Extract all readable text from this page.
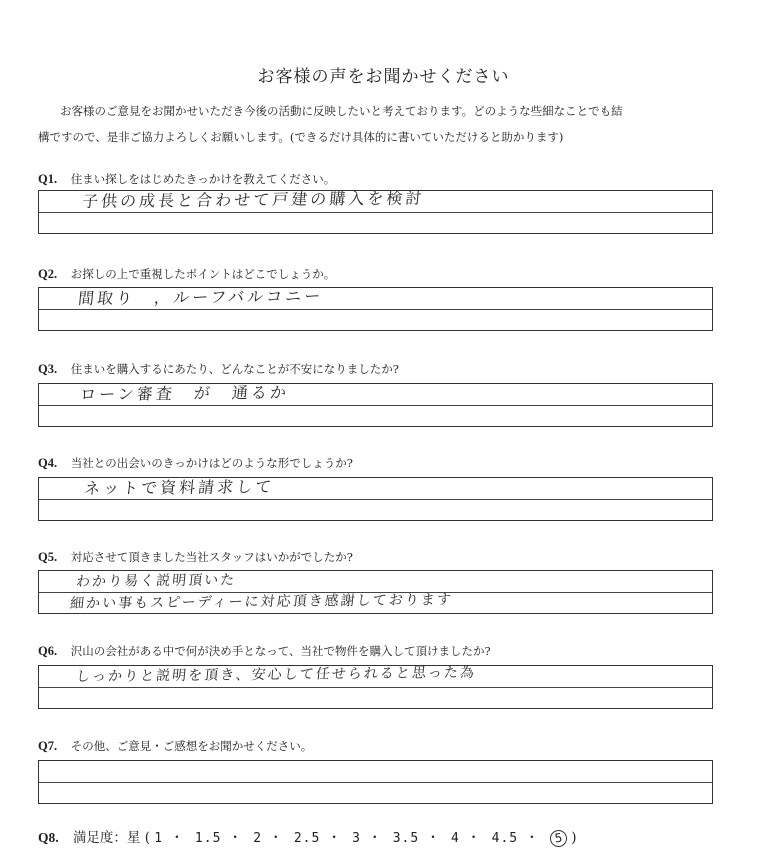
お客様の声をお聞かせください
お客様のご意見をお聞かせいただき今後の活動に反映したいと考えております。どのような些細なことでも結

構ですので、是非ご協力よろしくお願いします。(できるだけ具体的に書いていただけると助かります)
Q1. 住まい探しをはじめたきっかけを教えてください。
子供の成長と合わせて戸建の購入を検討
Q2. お探しの上で重視したポイントはどこでしょうか。
間取り　，ルーフバルコニー
Q3. 住まいを購入するにあたり、どんなことが不安になりましたか?
ローン審査　が　通るか
Q4. 当社との出会いのきっかけはどのような形でしょうか?
ネットで資料請求して
Q5. 対応させて頂きました当社スタッフはいかがでしたか?
わかり易く説明頂いた
細かい事もスピーディーに対応頂き感謝しております
Q6. 沢山の会社がある中で何が決め手となって、当社で物件を購入して頂けましたか?
しっかりと説明を頂き、安心して任せられると思った為
Q7. その他、ご意見・ご感想をお聞かせください。
Q8. 満足度：星 ( 1 ・ 1.5 ・ 2 ・ 2.5 ・ 3 ・ 3.5 ・ 4 ・ 4.5 ・ 5 )
